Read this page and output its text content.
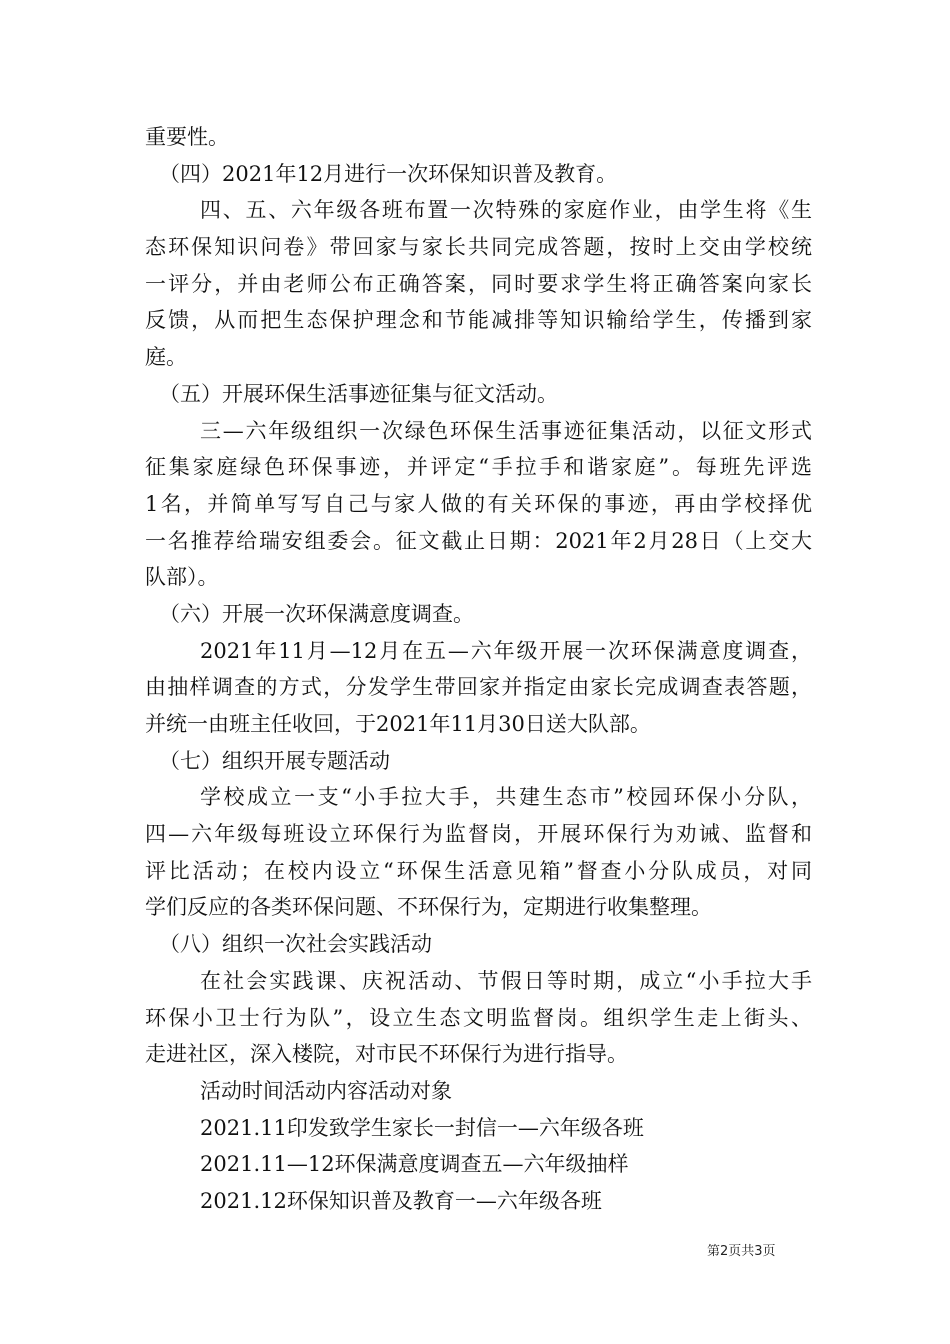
重要性。
（四）2021年12月进行一次环保知识普及教育。
四、五、六年级各班布置一次特殊的家庭作业，由学生将《生
态环保知识问卷》带回家与家长共同完成答题，按时上交由学校统
一评分，并由老师公布正确答案，同时要求学生将正确答案向家长
反馈，从而把生态保护理念和节能减排等知识输给学生，传播到家
庭。
（五）开展环保生活事迹征集与征文活动。
三—六年级组织一次绿色环保生活事迹征集活动，以征文形式
征集家庭绿色环保事迹，并评定“手拉手和谐家庭”。每班先评选
1名，并简单写写自己与家人做的有关环保的事迹，再由学校择优
一名推荐给瑞安组委会。征文截止日期：2021年2月28日（上交大
队部）。
（六）开展一次环保满意度调查。
2021年11月—12月在五—六年级开展一次环保满意度调查，
由抽样调查的方式，分发学生带回家并指定由家长完成调查表答题，
并统一由班主任收回，于2021年11月30日送大队部。
（七）组织开展专题活动
学校成立一支“小手拉大手，共建生态市”校园环保小分队，
四—六年级每班设立环保行为监督岗，开展环保行为劝诫、监督和
评比活动；在校内设立“环保生活意见箱”督查小分队成员，对同
学们反应的各类环保问题、不环保行为，定期进行收集整理。
（八）组织一次社会实践活动
在社会实践课、庆祝活动、节假日等时期，成立“小手拉大手
环保小卫士行为队”，设立生态文明监督岗。组织学生走上街头、
走进社区，深入楼院，对市民不环保行为进行指导。
活动时间活动内容活动对象
2021.11印发致学生家长一封信一—六年级各班
2021.11—12环保满意度调查五—六年级抽样
2021.12环保知识普及教育一—六年级各班
第2页共3页
